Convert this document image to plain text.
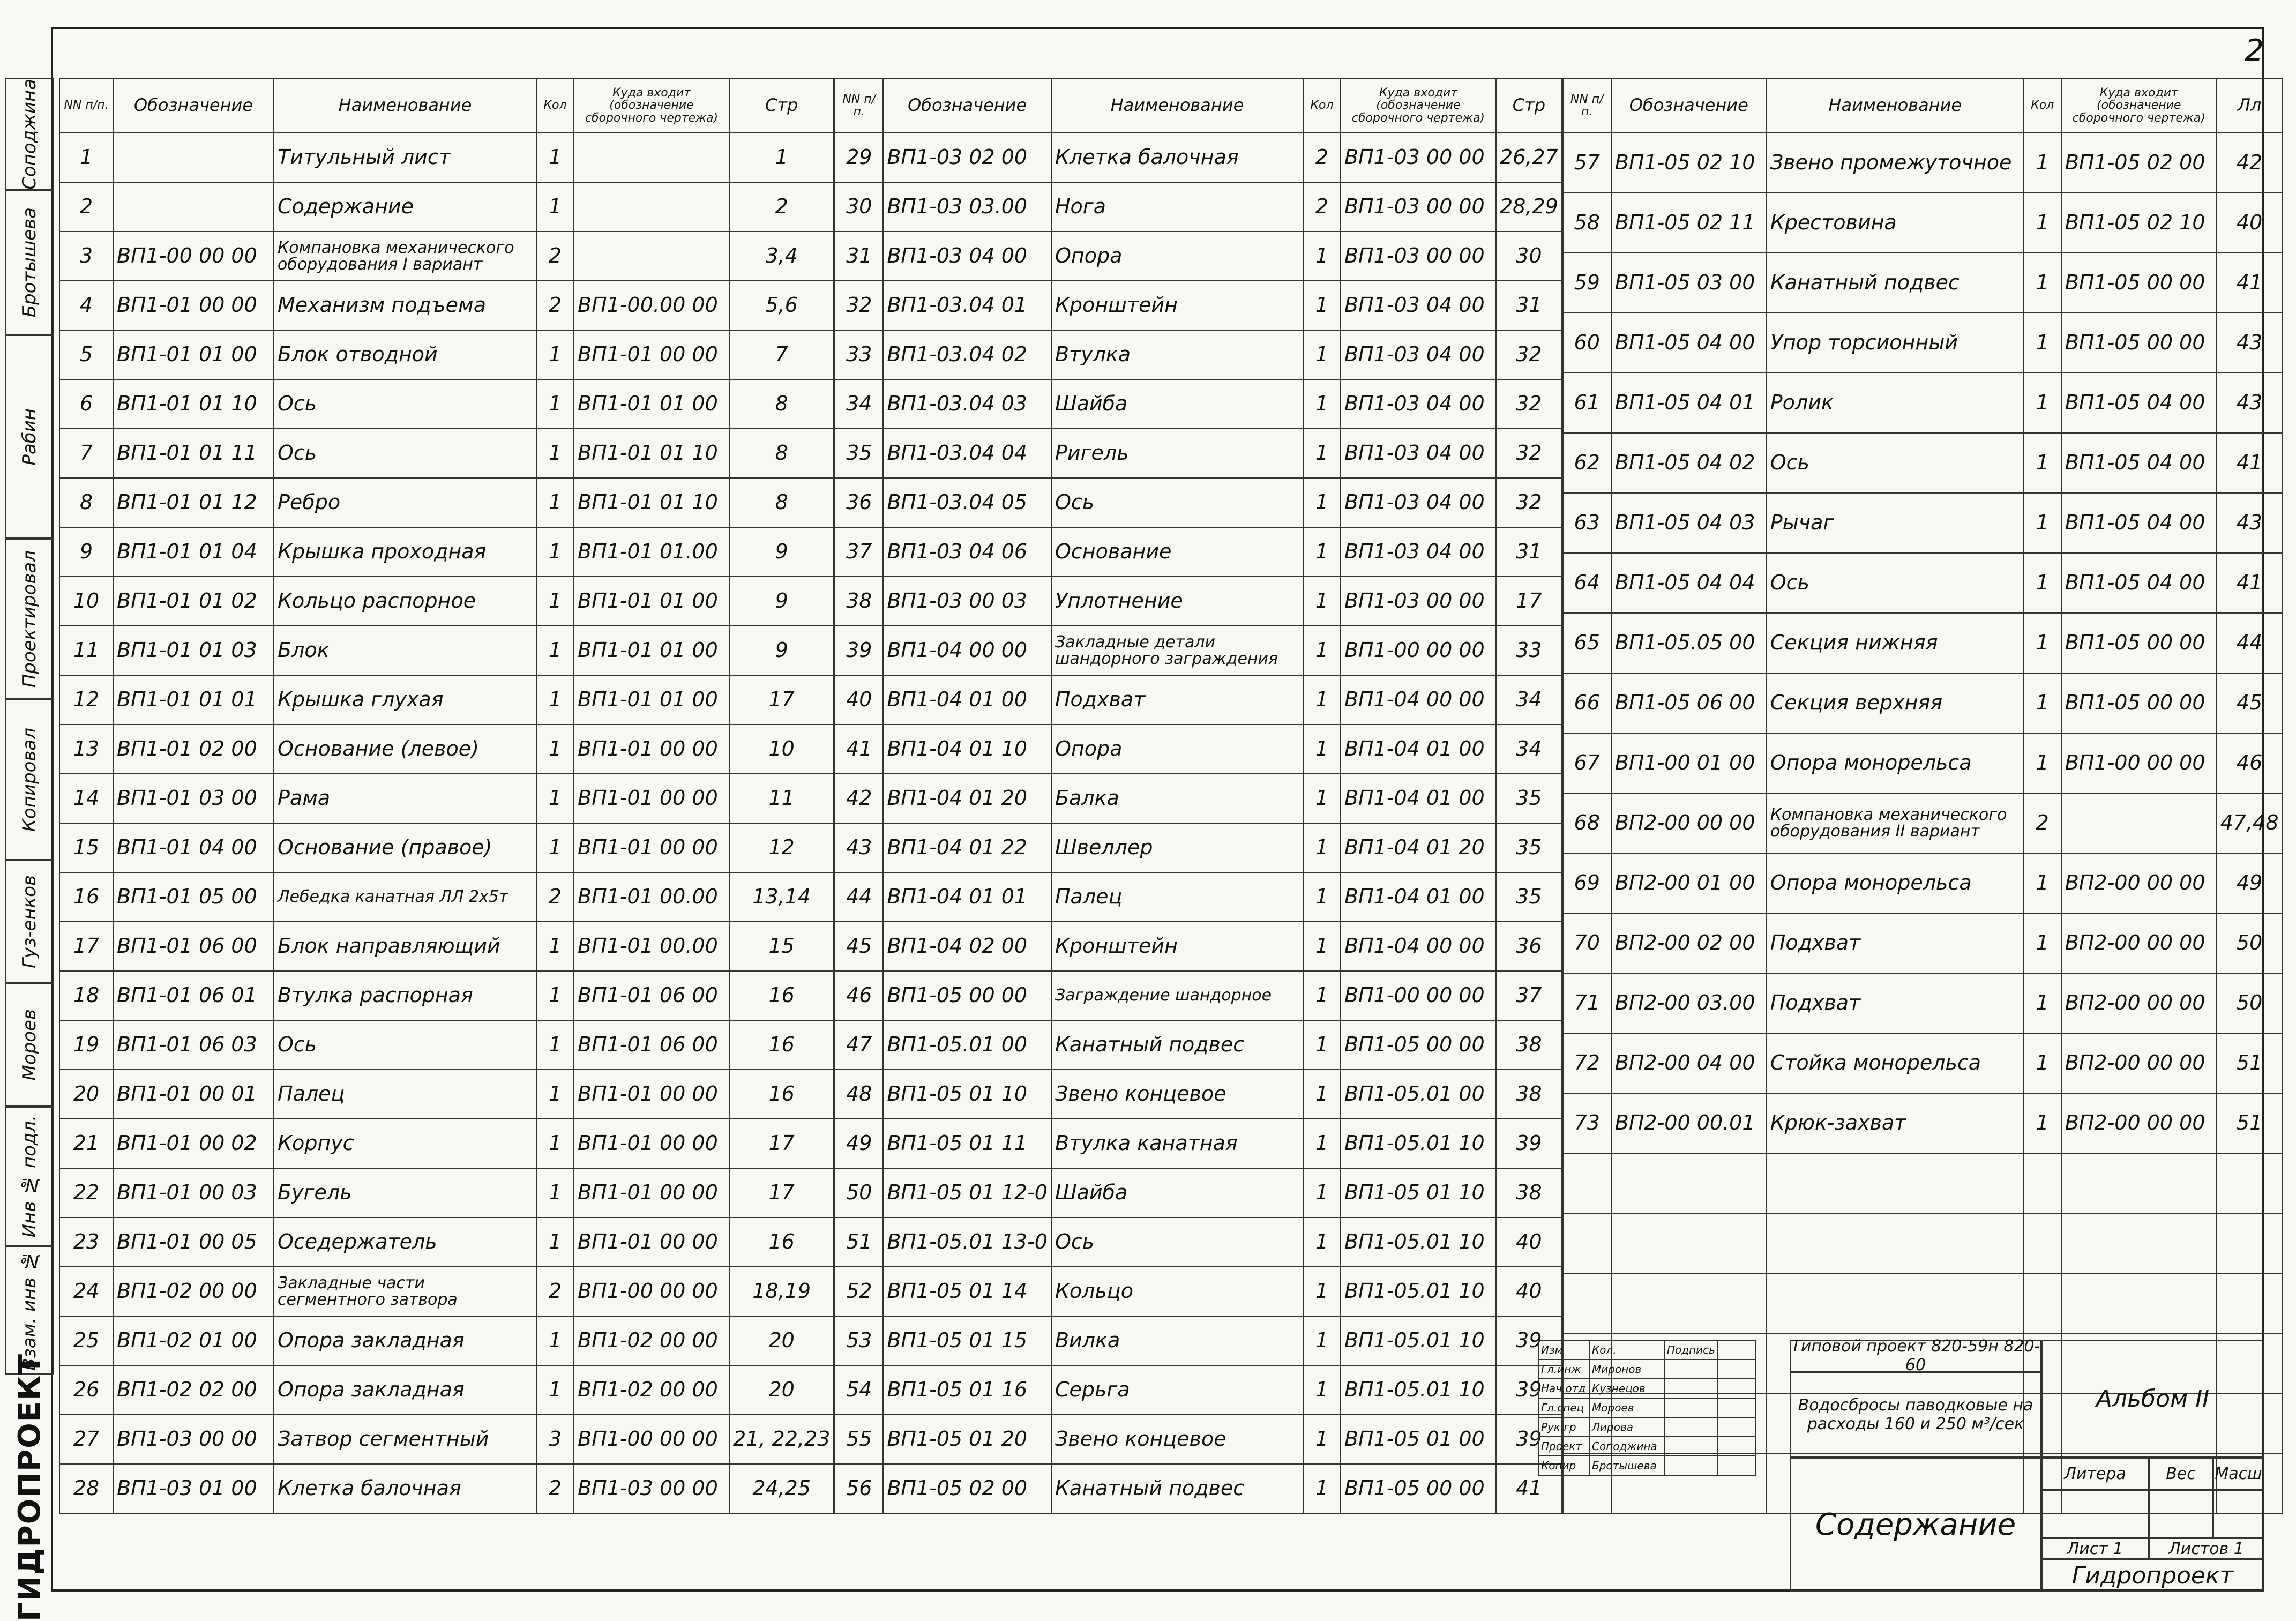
2
Соподжина
Бротышева
Рабин
Проектировал
Копировал
Гуз-енков
Мороев
Инв № подл.
Взам. инв №
ГИДРОПРОЕКТ
NN п/п.	Обозначение	Наименование	Кол	Куда входит (обозначение сборочного чертежа)	Стр
1		Титульный лист	1		1
2		Содержание	1		2
3	ВП1-00 00 00	Компановка механического оборудования I вариант	2		3,4
4	ВП1-01 00 00	Механизм подъема	2	ВП1-00.00 00	5,6
5	ВП1-01 01 00	Блок отводной	1	ВП1-01 00 00	7
6	ВП1-01 01 10	Ось	1	ВП1-01 01 00	8
7	ВП1-01 01 11	Ось	1	ВП1-01 01 10	8
8	ВП1-01 01 12	Ребро	1	ВП1-01 01 10	8
9	ВП1-01 01 04	Крышка проходная	1	ВП1-01 01.00	9
10	ВП1-01 01 02	Кольцо распорное	1	ВП1-01 01 00	9
11	ВП1-01 01 03	Блок	1	ВП1-01 01 00	9
12	ВП1-01 01 01	Крышка глухая	1	ВП1-01 01 00	17
13	ВП1-01 02 00	Основание (левое)	1	ВП1-01 00 00	10
14	ВП1-01 03 00	Рама	1	ВП1-01 00 00	11
15	ВП1-01 04 00	Основание (правое)	1	ВП1-01 00 00	12
16	ВП1-01 05 00	Лебедка канатная ЛЛ 2х5т	2	ВП1-01 00.00	13,14
17	ВП1-01 06 00	Блок направляющий	1	ВП1-01 00.00	15
18	ВП1-01 06 01	Втулка распорная	1	ВП1-01 06 00	16
19	ВП1-01 06 03	Ось	1	ВП1-01 06 00	16
20	ВП1-01 00 01	Палец	1	ВП1-01 00 00	16
21	ВП1-01 00 02	Корпус	1	ВП1-01 00 00	17
22	ВП1-01 00 03	Бугель	1	ВП1-01 00 00	17
23	ВП1-01 00 05	Оседержатель	1	ВП1-01 00 00	16
24	ВП1-02 00 00	Закладные части сегментного затвора	2	ВП1-00 00 00	18,19
25	ВП1-02 01 00	Опора закладная	1	ВП1-02 00 00	20
26	ВП1-02 02 00	Опора закладная	1	ВП1-02 00 00	20
27	ВП1-03 00 00	Затвор сегментный	3	ВП1-00 00 00	21, 22,23
28	ВП1-03 01 00	Клетка балочная	2	ВП1-03 00 00	24,25
NN п/п.	Обозначение	Наименование	Кол	Куда входит (обозначение сборочного чертежа)	Стр
29	ВП1-03 02 00	Клетка балочная	2	ВП1-03 00 00	26,27
30	ВП1-03 03.00	Нога	2	ВП1-03 00 00	28,29
31	ВП1-03 04 00	Опора	1	ВП1-03 00 00	30
32	ВП1-03.04 01	Кронштейн	1	ВП1-03 04 00	31
33	ВП1-03.04 02	Втулка	1	ВП1-03 04 00	32
34	ВП1-03.04 03	Шайба	1	ВП1-03 04 00	32
35	ВП1-03.04 04	Ригель	1	ВП1-03 04 00	32
36	ВП1-03.04 05	Ось	1	ВП1-03 04 00	32
37	ВП1-03 04 06	Основание	1	ВП1-03 04 00	31
38	ВП1-03 00 03	Уплотнение	1	ВП1-03 00 00	17
39	ВП1-04 00 00	Закладные детали шандорного заграждения	1	ВП1-00 00 00	33
40	ВП1-04 01 00	Подхват	1	ВП1-04 00 00	34
41	ВП1-04 01 10	Опора	1	ВП1-04 01 00	34
42	ВП1-04 01 20	Балка	1	ВП1-04 01 00	35
43	ВП1-04 01 22	Швеллер	1	ВП1-04 01 20	35
44	ВП1-04 01 01	Палец	1	ВП1-04 01 00	35
45	ВП1-04 02 00	Кронштейн	1	ВП1-04 00 00	36
46	ВП1-05 00 00	Заграждение шандорное	1	ВП1-00 00 00	37
47	ВП1-05.01 00	Канатный подвес	1	ВП1-05 00 00	38
48	ВП1-05 01 10	Звено концевое	1	ВП1-05.01 00	38
49	ВП1-05 01 11	Втулка канатная	1	ВП1-05.01 10	39
50	ВП1-05 01 12-0	Шайба	1	ВП1-05 01 10	38
51	ВП1-05.01 13-0	Ось	1	ВП1-05.01 10	40
52	ВП1-05 01 14	Кольцо	1	ВП1-05.01 10	40
53	ВП1-05 01 15	Вилка	1	ВП1-05.01 10	39
54	ВП1-05 01 16	Серьга	1	ВП1-05.01 10	39
55	ВП1-05 01 20	Звено концевое	1	ВП1-05 01 00	39
56	ВП1-05 02 00	Канатный подвес	1	ВП1-05 00 00	41
NN п/п.	Обозначение	Наименование	Кол	Куда входит (обозначение сборочного чертежа)	Лл
57	ВП1-05 02 10	Звено промежуточное	1	ВП1-05 02 00	42
58	ВП1-05 02 11	Крестовина	1	ВП1-05 02 10	40
59	ВП1-05 03 00	Канатный подвес	1	ВП1-05 00 00	41
60	ВП1-05 04 00	Упор торсионный	1	ВП1-05 00 00	43
61	ВП1-05 04 01	Ролик	1	ВП1-05 04 00	43
62	ВП1-05 04 02	Ось	1	ВП1-05 04 00	41
63	ВП1-05 04 03	Рычаг	1	ВП1-05 04 00	43
64	ВП1-05 04 04	Ось	1	ВП1-05 04 00	41
65	ВП1-05.05 00	Секция нижняя	1	ВП1-05 00 00	44
66	ВП1-05 06 00	Секция верхняя	1	ВП1-05 00 00	45
67	ВП1-00 01 00	Опора монорельса	1	ВП1-00 00 00	46
68	ВП2-00 00 00	Компановка механического оборудования II вариант	2		47,48
69	ВП2-00 01 00	Опора монорельса	1	ВП2-00 00 00	49
70	ВП2-00 02 00	Подхват	1	ВП2-00 00 00	50
71	ВП2-00 03.00	Подхват	1	ВП2-00 00 00	50
72	ВП2-00 04 00	Стойка монорельса	1	ВП2-00 00 00	51
73	ВП2-00 00.01	Крюк-захват	1	ВП2-00 00 00	51

Изм	Кол.	Подпись	
Гл.инж	Миронов		
Нач.отд	Кузнецов		
Гл.спец	Мороев		
Рук.гр	Лирова		
Проект	Соподжина		
Копир	Бротышева		
Типовой проект 820-59н 820-60
Водосбросы паводковые на расходы 160 и 250 м³/сек
Альбом II
Содержание
Литера Вес Масш
Лист 1	Листов 1
Гидропроект
